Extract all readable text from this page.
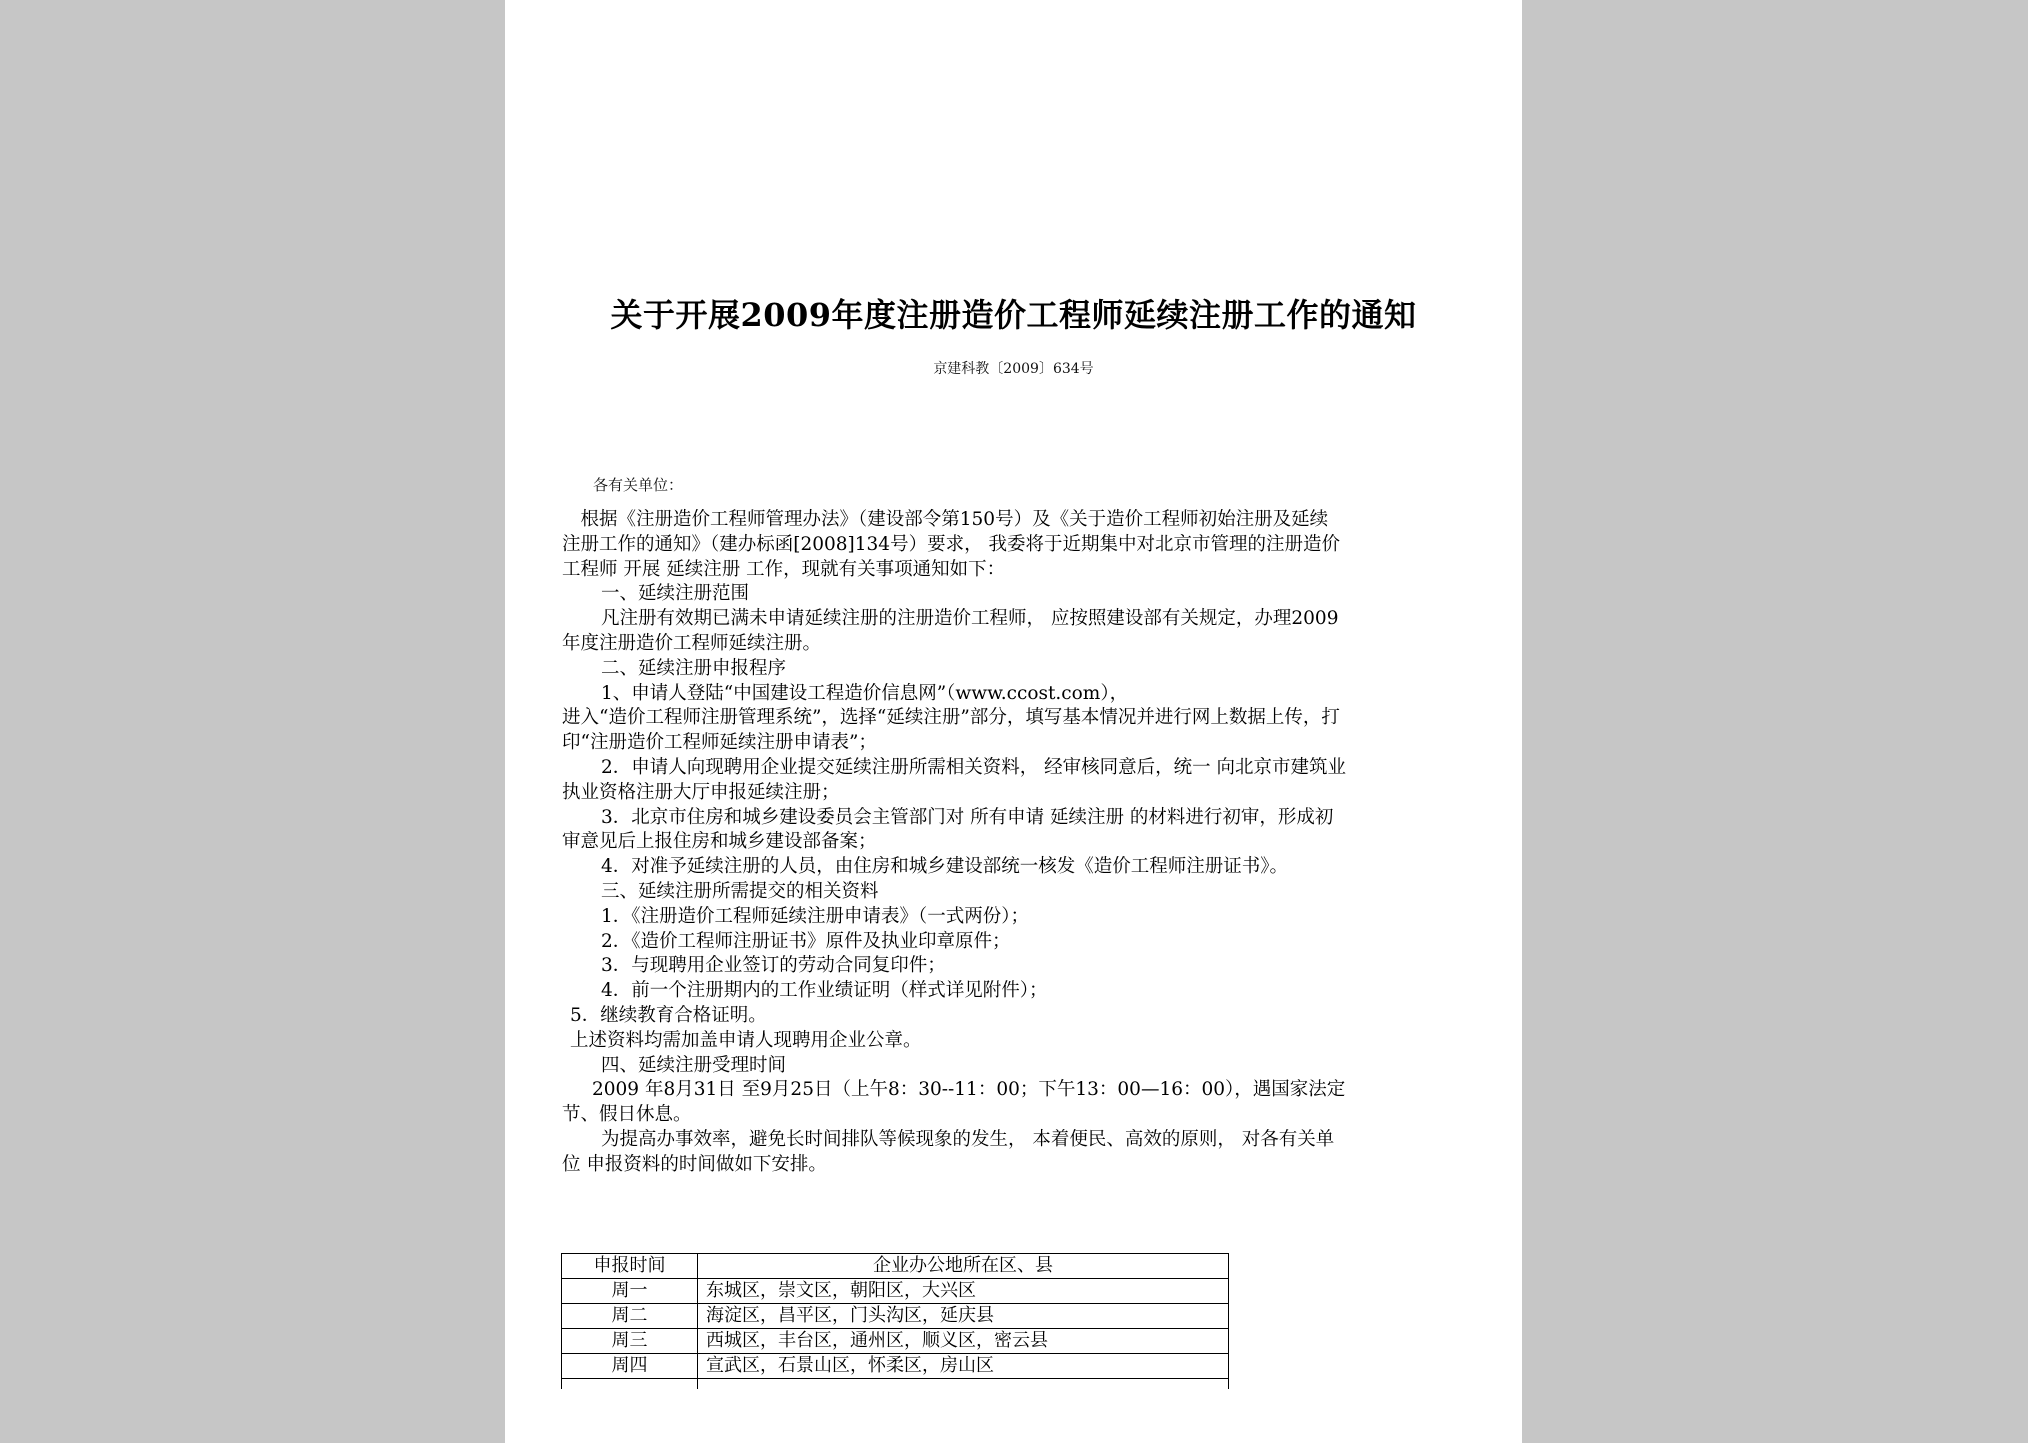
关于开展2009年度注册造价工程师延续注册工作的通知
京建科教〔2009〕634号
各有关单位：

　根据《注册造价工程师管理办法》（建设部令第150号）及《关于造价工程师初始注册及延续

注册工作的通知》（建办标函[2008]134号）要求， 我委将于近期集中对北京市管理的注册造价

工程师 开展 延续注册 工作，现就有关事项通知如下：

一、延续注册范围

凡注册有效期已满未申请延续注册的注册造价工程师， 应按照建设部有关规定，办理2009

年度注册造价工程师延续注册。

二、延续注册申报程序

1、申请人登陆“中国建设工程造价信息网”（www.ccost.com），

进入“造价工程师注册管理系统”，选择“延续注册”部分，填写基本情况并进行网上数据上传，打

印“注册造价工程师延续注册申请表”；

2．申请人向现聘用企业提交延续注册所需相关资料， 经审核同意后，统一 向北京市建筑业

执业资格注册大厅申报延续注册；

3．北京市住房和城乡建设委员会主管部门对 所有申请 延续注册 的材料进行初审，形成初

审意见后上报住房和城乡建设部备案；

4．对准予延续注册的人员，由住房和城乡建设部统一核发《造价工程师注册证书》。

三、延续注册所需提交的相关资料

1．《注册造价工程师延续注册申请表》（一式两份）；

2．《造价工程师注册证书》原件及执业印章原件；

3．与现聘用企业签订的劳动合同复印件；

4．前一个注册期内的工作业绩证明（样式详见附件）；

5．继续教育合格证明。

上述资料均需加盖申请人现聘用企业公章。

四、延续注册受理时间

2009 年8月31日 至9月25日（上午8：30--11：00；下午13：00—16：00），遇国家法定

节、假日休息。

为提高办事效率，避免长时间排队等候现象的发生， 本着便民、高效的原则， 对各有关单

位 申报资料的时间做如下安排。

申报时间	企业办公地所在区、县
周一	东城区，崇文区，朝阳区，大兴区
周二	海淀区，昌平区，门头沟区，延庆县
周三	西城区，丰台区，通州区，顺义区，密云县
周四	宣武区，石景山区，怀柔区，房山区
